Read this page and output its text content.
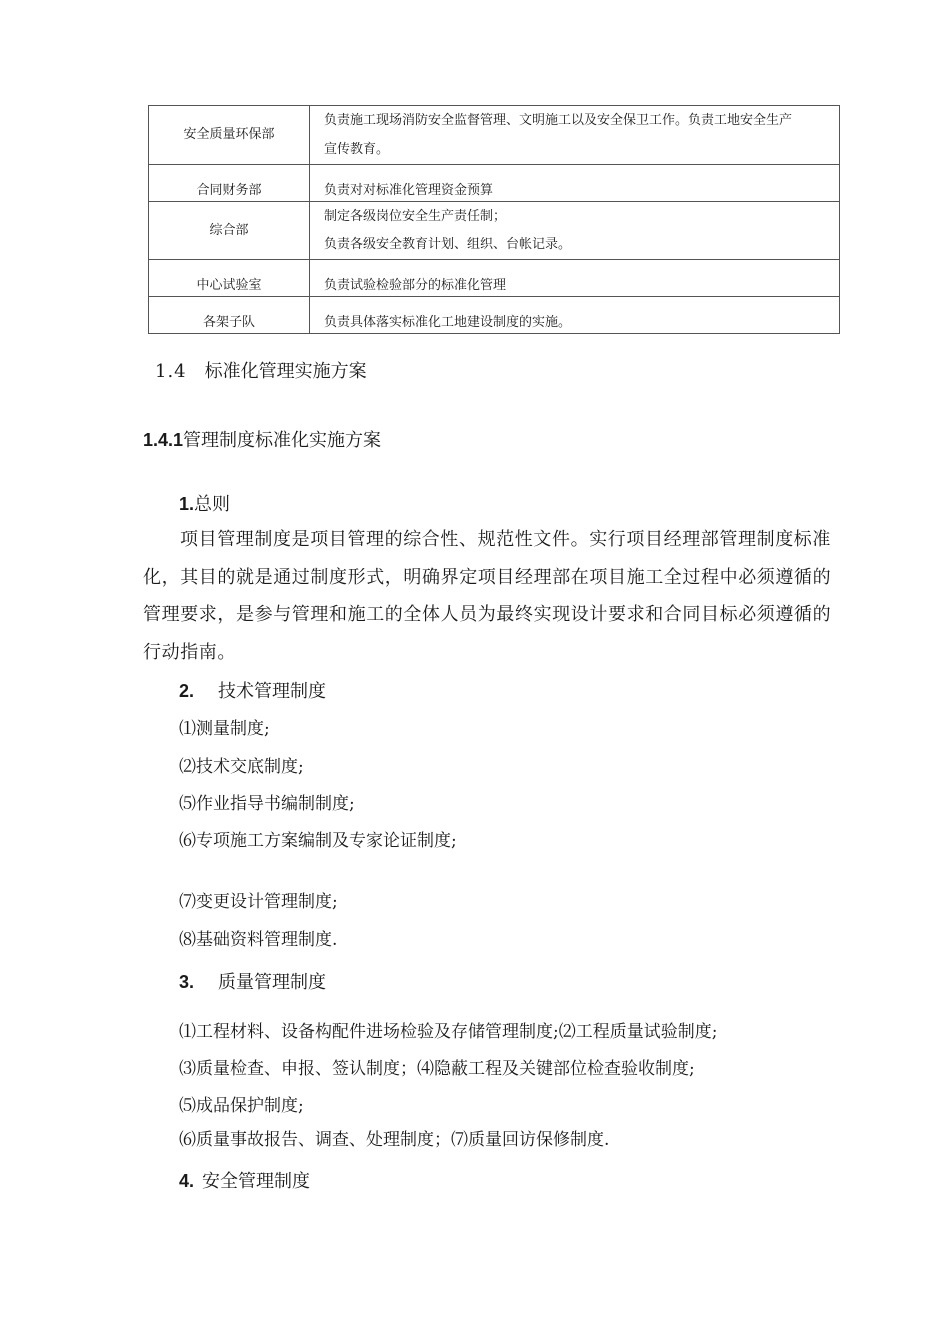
安全质量环保部	负责施工现场消防安全监督管理、文明施工以及安全保卫工作。负责工地安全生产
宣传教育。

合同财务部	负责对对标准化管理资金预算

综合部	制定各级岗位安全生产责任制；
负责各级安全教育计划、组织、台帐记录。

中心试验室	负责试验检验部分的标准化管理

各架子队	负责具体落实标准化工地建设制度的实施。
1.4 标准化管理实施方案
1.4.1管理制度标准化实施方案
1.总则
项目管理制度是项目管理的综合性、规范性文件。实行项目经理部管理制度标准化，其目的就是通过制度形式，明确界定项目经理部在项目施工全过程中必须遵循的管理要求，是参与管理和施工的全体人员为最终实现设计要求和合同目标必须遵循的行动指南。
2. 技术管理制度
⑴测量制度;
⑵技术交底制度;
⑸作业指导书编制制度;
⑹专项施工方案编制及专家论证制度;
⑺变更设计管理制度;
⑻基础资料管理制度.
3. 质量管理制度
⑴工程材料、设备构配件进场检验及存储管理制度;⑵工程质量试验制度;
⑶质量检查、申报、签认制度；⑷隐蔽工程及关键部位检查验收制度;
⑸成品保护制度;
⑹质量事故报告、调查、处理制度；⑺质量回访保修制度.
4. 安全管理制度
